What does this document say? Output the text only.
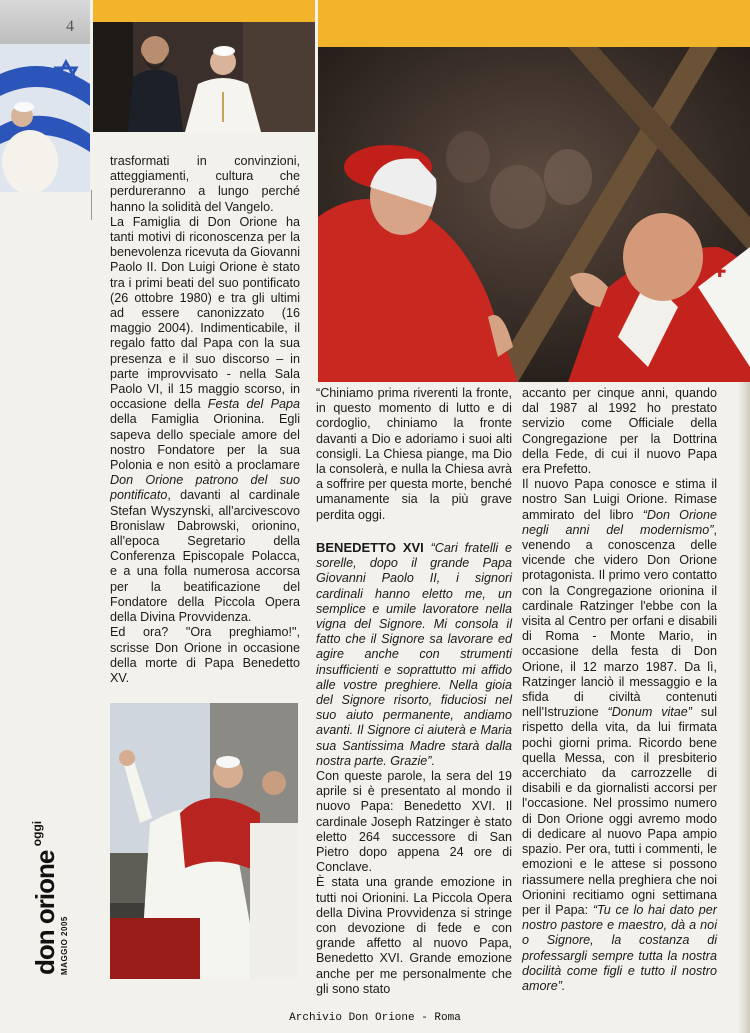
4
✚
trasformati in convinzioni, atteggiamenti, cultura che perdureranno a lungo perché hanno la solidità del Vangelo.
La Famiglia di Don Orione ha tanti motivi di riconoscenza per la benevolenza ricevuta da Giovanni Paolo II. Don Luigi Orione è stato tra i primi beati del suo pontificato (26 ottobre 1980) e tra gli ultimi ad essere canonizzato (16 maggio 2004). Indimenticabile, il regalo fatto dal Papa con la sua presenza e il suo discorso – in parte improvvisato - nella Sala Paolo VI, il 15 maggio scorso, in occasione della Festa del Papa della Famiglia Orionina. Egli sapeva dello speciale amore del nostro Fondatore per la sua Polonia e non esitò a proclamare Don Orione patrono del suo pontificato, davanti al cardinale Stefan Wyszynski, all'arcivescovo Bronislaw Dabrowski, orionino, all'epoca Segretario della Conferenza Episcopale Polacca, e a una folla numerosa accorsa per la beatificazione del Fondatore della Piccola Opera della Divina Provvidenza.
Ed ora? "Ora preghiamo!", scrisse Don Orione in occasione della morte di Papa Benedetto XV.
don orione $^{oggi}$
MAGGIO 2005

“Chiniamo prima riverenti la fronte, in questo momento di lutto e di cordoglio, chiniamo la fronte davanti a Dio e adoriamo i suoi alti consigli. La Chiesa piange, ma Dio la consolerà, e nulla la Chiesa avrà a soffrire per questa morte, benché umanamente sia la più grave perdita oggi.

BENEDETTO XVI “Cari fratelli e sorelle, dopo il grande Papa Giovanni Paolo II, i signori cardinali hanno eletto me, un semplice e umile lavoratore nella vigna del Signore. Mi consola il fatto che il Signore sa lavorare ed agire anche con strumenti insufficienti e soprattutto mi affido alle vostre preghiere. Nella gioia del Signore risorto, fiduciosi nel suo aiuto permanente, andiamo avanti. Il Signore ci aiuterà e Maria sua Santissima Madre starà dalla nostra parte. Grazie”.
Con queste parole, la sera del 19 aprile si è presentato al mondo il nuovo Papa: Benedetto XVI. Il cardinale Joseph Ratzinger è stato eletto 264 successore di San Pietro dopo appena 24 ore di Conclave.
È stata una grande emozione in tutti noi Orionini. La Piccola Opera della Divina Provvidenza si stringe con devozione di fede e con grande affetto al nuovo Papa, Benedetto XVI. Grande emozione anche per me personalmente che gli sono stato
accanto per cinque anni, quando dal 1987 al 1992 ho prestato servizio come Officiale della Congregazione per la Dottrina della Fede, di cui il nuovo Papa era Prefetto.
Il nuovo Papa conosce e stima il nostro San Luigi Orione. Rimase ammirato del libro “Don Orione negli anni del modernismo”, venendo a conoscenza delle vicende che videro Don Orione protagonista. Il primo vero contatto con la Congregazione orionina il cardinale Ratzinger l'ebbe con la visita al Centro per orfani e disabili di Roma - Monte Mario, in occasione della festa di Don Orione, il 12 marzo 1987. Da lì, Ratzinger lanciò il messaggio e la sfida di civiltà contenuti nell'Istruzione “Donum vitae” sul rispetto della vita, da lui firmata pochi giorni prima. Ricordo bene quella Messa, con il presbiterio accerchiato da carrozzelle di disabili e da giornalisti accorsi per l'occasione. Nel prossimo numero di Don Orione oggi avremo modo di dedicare al nuovo Papa ampio spazio. Per ora, tutti i commenti, le emozioni e le attese si possono riassumere nella preghiera che noi Orionini recitiamo ogni settimana per il Papa: “Tu ce lo hai dato per nostro pastore e maestro, dà a noi o Signore, la costanza di professargli sempre tutta la nostra docilità come figli e tutto il nostro amore”.
Archivio Don Orione - Roma
